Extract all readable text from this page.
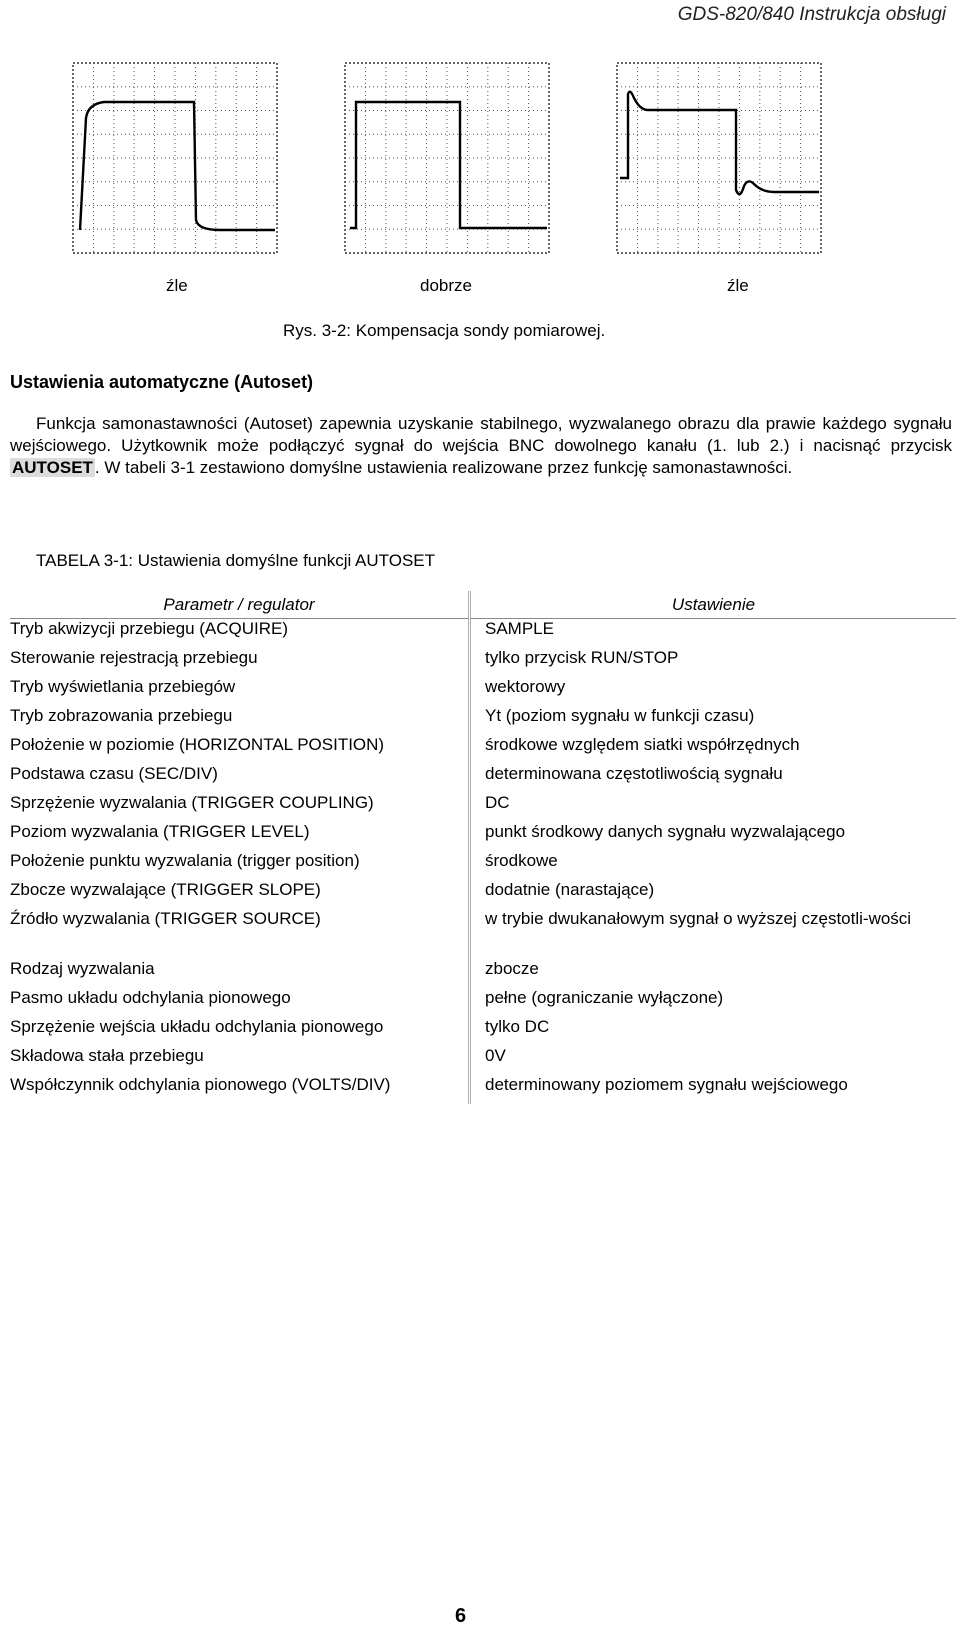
GDS-820/840 Instrukcja obsługi
źle	dobrze	źle
Rys. 3-2: Kompensacja sondy pomiarowej.
Ustawienia automatyczne (Autoset)
Funkcja samonastawności (Autoset) zapewnia uzyskanie stabilnego, wyzwalanego obrazu dla prawie każdego sygnału wejściowego. Użytkownik może podłączyć sygnał do wejścia BNC dowolnego kanału (1. lub 2.) i nacisnąć przycisk AUTOSET . W tabeli 3-1 zestawiono domyślne ustawienia realizowane przez funkcję samonastawności.
TABELA 3-1: Ustawienia domyślne funkcji AUTOSET
Parametr / regulator	Ustawienie
Tryb akwizycji przebiegu (ACQUIRE)	SAMPLE
Sterowanie rejestracją przebiegu	tylko przycisk RUN/STOP
Tryb wyświetlania przebiegów	wektorowy
Tryb zobrazowania przebiegu	Yt (poziom sygnału w funkcji czasu)
Położenie w poziomie (HORIZONTAL POSITION)	środkowe względem siatki współrzędnych
Podstawa czasu (SEC/DIV)	determinowana częstotliwością sygnału
Sprzężenie wyzwalania (TRIGGER COUPLING)	DC
Poziom wyzwalania (TRIGGER LEVEL)	punkt środkowy danych sygnału wyzwalającego
Położenie punktu wyzwalania (trigger position)	środkowe
Zbocze wyzwalające (TRIGGER SLOPE)	dodatnie (narastające)
Źródło wyzwalania (TRIGGER SOURCE)	w trybie dwukanałowym sygnał o wyższej częstotli-wości
Rodzaj wyzwalania	zbocze
Pasmo układu odchylania pionowego	pełne (ograniczanie wyłączone)
Sprzężenie wejścia układu odchylania pionowego	tylko DC
Składowa stała przebiegu	0V
Współczynnik odchylania pionowego (VOLTS/DIV)	determinowany poziomem sygnału wejściowego
6
